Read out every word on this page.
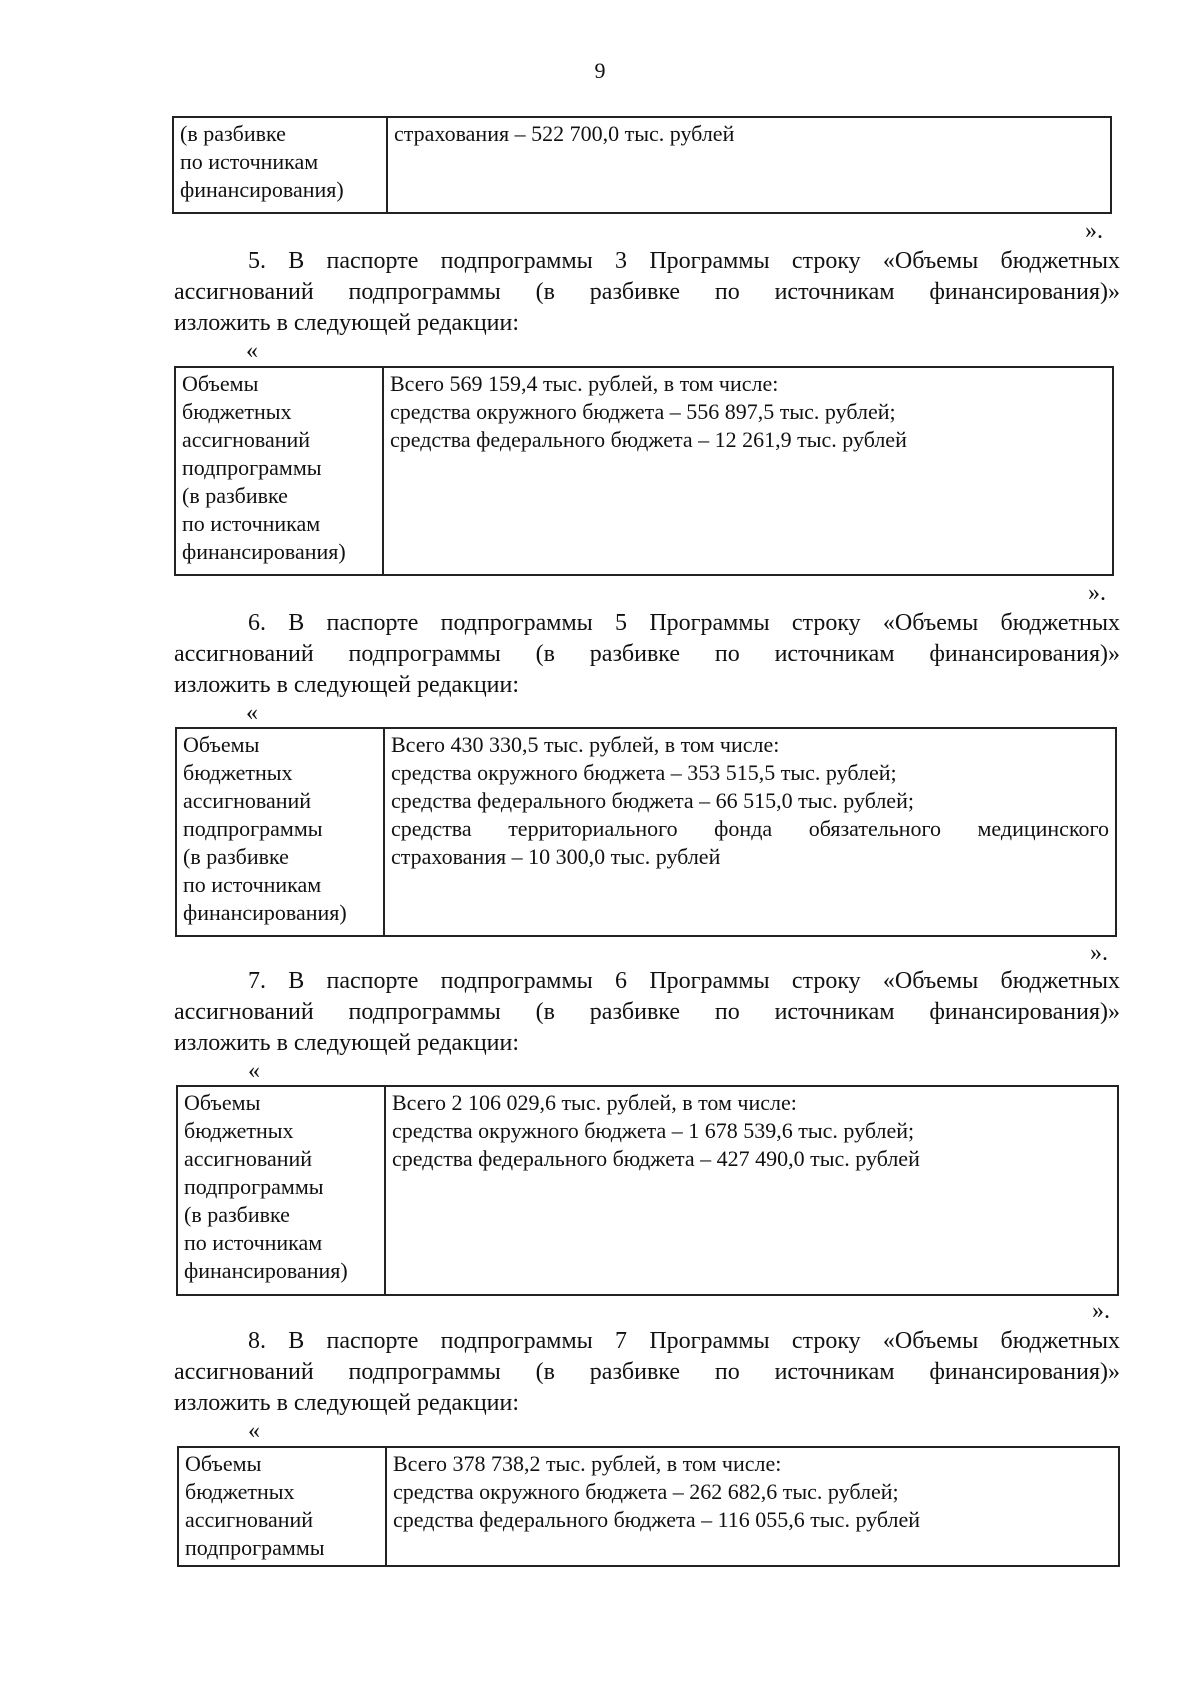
9
(в разбивке
по источникам
финансирования)
страхования – 522 700,0 тыс. рублей
».
5. В паспорте подпрограммы 3 Программы строку «Объемы бюджетных
ассигнований подпрограммы (в разбивке по источникам финансирования)»
изложить в следующей редакции:
«
Объемы
бюджетных
ассигнований
подпрограммы
(в разбивке
по источникам
финансирования)
Всего 569 159,4 тыс. рублей, в том числе:
средства окружного бюджета – 556 897,5 тыс. рублей;
средства федерального бюджета – 12 261,9 тыс. рублей
».
6. В паспорте подпрограммы 5 Программы строку «Объемы бюджетных
ассигнований подпрограммы (в разбивке по источникам финансирования)»
изложить в следующей редакции:
«
Объемы
бюджетных
ассигнований
подпрограммы
(в разбивке
по источникам
финансирования)
Всего 430 330,5 тыс. рублей, в том числе:
средства окружного бюджета – 353 515,5 тыс. рублей;
средства федерального бюджета – 66 515,0 тыс. рублей;
средства территориального фонда обязательного медицинского
страхования – 10 300,0 тыс. рублей
».
7. В паспорте подпрограммы 6 Программы строку «Объемы бюджетных
ассигнований подпрограммы (в разбивке по источникам финансирования)»
изложить в следующей редакции:
«
Объемы
бюджетных
ассигнований
подпрограммы
(в разбивке
по источникам
финансирования)
Всего 2 106 029,6 тыс. рублей, в том числе:
средства окружного бюджета – 1 678 539,6 тыс. рублей;
средства федерального бюджета – 427 490,0 тыс. рублей
».
8. В паспорте подпрограммы 7 Программы строку «Объемы бюджетных
ассигнований подпрограммы (в разбивке по источникам финансирования)»
изложить в следующей редакции:
«
Объемы
бюджетных
ассигнований
подпрограммы
Всего 378 738,2 тыс. рублей, в том числе:
средства окружного бюджета – 262 682,6 тыс. рублей;
средства федерального бюджета – 116 055,6 тыс. рублей
